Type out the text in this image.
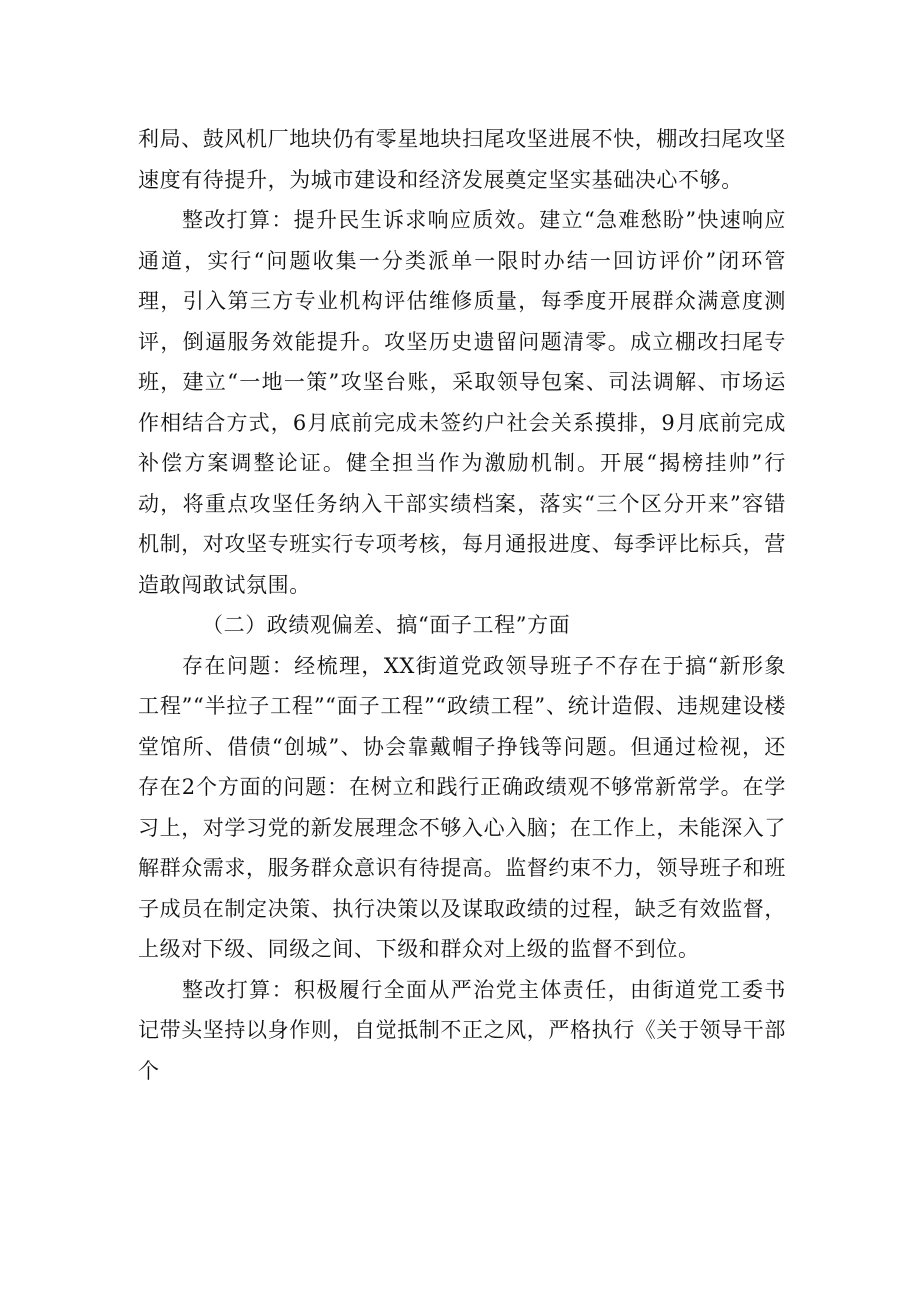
利局、鼓风机厂地块仍有零星地块扫尾攻坚进展不快，棚改扫尾攻坚速度有待提升，为城市建设和经济发展奠定坚实基础决心不够。

整改打算：提升民生诉求响应质效。建立“急难愁盼”快速响应通道，实行“问题收集一分类派单一限时办结一回访评价”闭环管理，引入第三方专业机构评估维修质量，每季度开展群众满意度测评，倒逼服务效能提升。攻坚历史遗留问题清零。成立棚改扫尾专班，建立“一地一策”攻坚台账，采取领导包案、司法调解、市场运作相结合方式，6月底前完成未签约户社会关系摸排，9月底前完成补偿方案调整论证。健全担当作为激励机制。开展“揭榜挂帅”行动，将重点攻坚任务纳入干部实绩档案，落实“三个区分开来”容错机制，对攻坚专班实行专项考核，每月通报进度、每季评比标兵，营造敢闯敢试氛围。

（二）政绩观偏差、搞“面子工程”方面

存在问题：经梳理，XX街道党政领导班子不存在于搞“新形象工程”“半拉子工程”“面子工程”“政绩工程”、统计造假、违规建设楼堂馆所、借债“创城”、协会靠戴帽子挣钱等问题。但通过检视，还存在2个方面的问题：在树立和践行正确政绩观不够常新常学。在学习上，对学习党的新发展理念不够入心入脑；在工作上，未能深入了解群众需求，服务群众意识有待提高。监督约束不力，领导班子和班子成员在制定决策、执行决策以及谋取政绩的过程，缺乏有效监督，上级对下级、同级之间、下级和群众对上级的监督不到位。

整改打算：积极履行全面从严治党主体责任，由街道党工委书记带头坚持以身作则，自觉抵制不正之风，严格执行《关于领导干部个
